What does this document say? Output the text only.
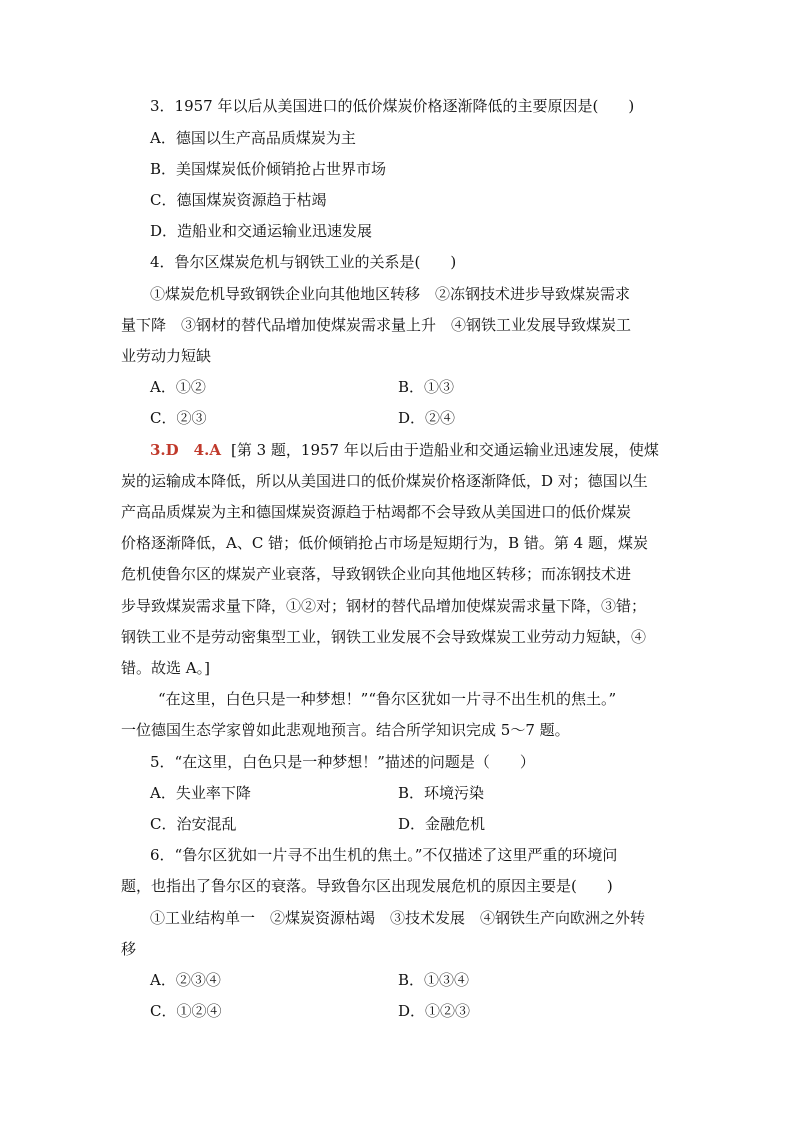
3．1957 年以后从美国进口的低价煤炭价格逐渐降低的主要原因是(　　)
A．德国以生产高品质煤炭为主
B．美国煤炭低价倾销抢占世界市场
C．德国煤炭资源趋于枯竭
D．造船业和交通运输业迅速发展
4．鲁尔区煤炭危机与钢铁工业的关系是(　　)
①煤炭危机导致钢铁企业向其他地区转移　②冻钢技术进步导致煤炭需求
量下降　③钢材的替代品增加使煤炭需求量上升　④钢铁工业发展导致煤炭工
业劳动力短缺
A．①②	B．①③
C．②③	D．②④
3.D　4.A [第 3 题，1957 年以后由于造船业和交通运输业迅速发展，使煤
炭的运输成本降低，所以从美国进口的低价煤炭价格逐渐降低，D 对；德国以生
产高品质煤炭为主和德国煤炭资源趋于枯竭都不会导致从美国进口的低价煤炭
价格逐渐降低，A、C 错；低价倾销抢占市场是短期行为，B 错。第 4 题，煤炭
危机使鲁尔区的煤炭产业衰落，导致钢铁企业向其他地区转移；而冻钢技术进
步导致煤炭需求量下降，①②对；钢材的替代品增加使煤炭需求量下降，③错；
钢铁工业不是劳动密集型工业，钢铁工业发展不会导致煤炭工业劳动力短缺，④
错。故选 A。]
“在这里，白色只是一种梦想！”“鲁尔区犹如一片寻不出生机的焦土。”
一位德国生态学家曾如此悲观地预言。结合所学知识完成 5～7 题。
5．“在这里，白色只是一种梦想！”描述的问题是（　　）
A．失业率下降	B．环境污染
C．治安混乱	D．金融危机
6．“鲁尔区犹如一片寻不出生机的焦土。”不仅描述了这里严重的环境问
题，也指出了鲁尔区的衰落。导致鲁尔区出现发展危机的原因主要是(　　)
①工业结构单一　②煤炭资源枯竭　③技术发展　④钢铁生产向欧洲之外转
移
A．②③④	B．①③④
C．①②④	D．①②③
